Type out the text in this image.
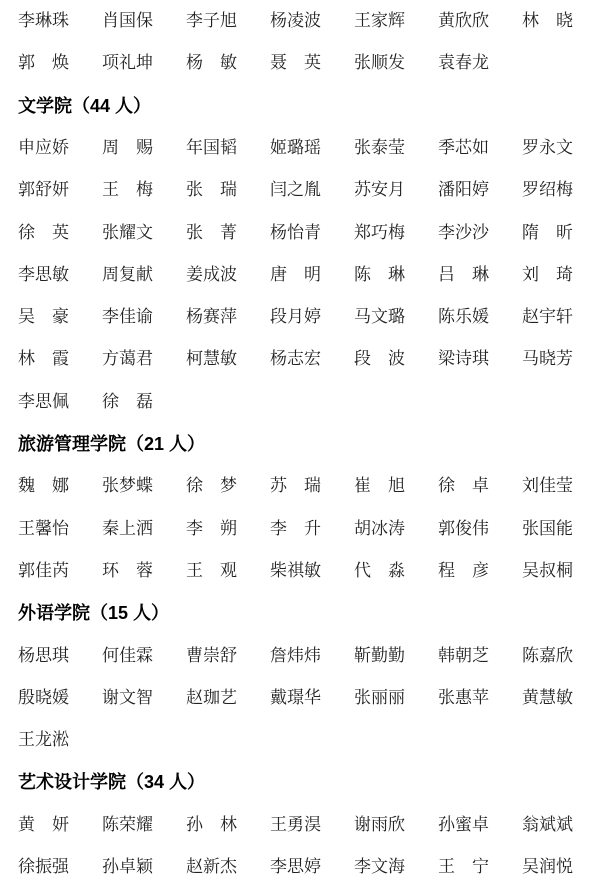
李琳珠 肖国保 李子旭 杨凌波 王家辉 黄欣欣 林　晓
郭　焕 项礼坤 杨　敏 聂　英 张顺发 袁春龙
文学院（44 人）
申应娇 周　赐 年国韬 姬璐瑶 张泰莹 季芯如 罗永文
郭舒妍 王　梅 张　瑞 闫之胤 苏安月 潘阳婷 罗绍梅
徐　英 张耀文 张　菁 杨怡青 郑巧梅 李沙沙 隋　昕
李思敏 周复献 姜成波 唐　明 陈　琳 吕　琳 刘　琦
吴　豪 李佳谕 杨赛萍 段月婷 马文璐 陈乐媛 赵宇轩
林　霞 方蔼君 柯慧敏 杨志宏 段　波 梁诗琪 马晓芳
李思佩 徐　磊
旅游管理学院（21 人）
魏　娜 张梦蝶 徐　梦 苏　瑞 崔　旭 徐　卓 刘佳莹
王馨怡 秦上洒 李　朔 李　升 胡冰涛 郭俊伟 张国能
郭佳芮 环　蓉 王　观 柴祺敏 代　淼 程　彦 吴叔桐
外语学院（15 人）
杨思琪 何佳霖 曹崇舒 詹炜炜 靳勤勤 韩朝芝 陈嘉欣
殷晓媛 谢文智 赵珈艺 戴璟华 张丽丽 张惠苹 黄慧敏
王龙淞
艺术设计学院（34 人）
黄　妍 陈荣耀 孙　林 王勇淏 谢雨欣 孙蜜卓 翁斌斌
徐振强 孙卓颖 赵新杰 李思婷 李文海 王　宁 吴润悦
